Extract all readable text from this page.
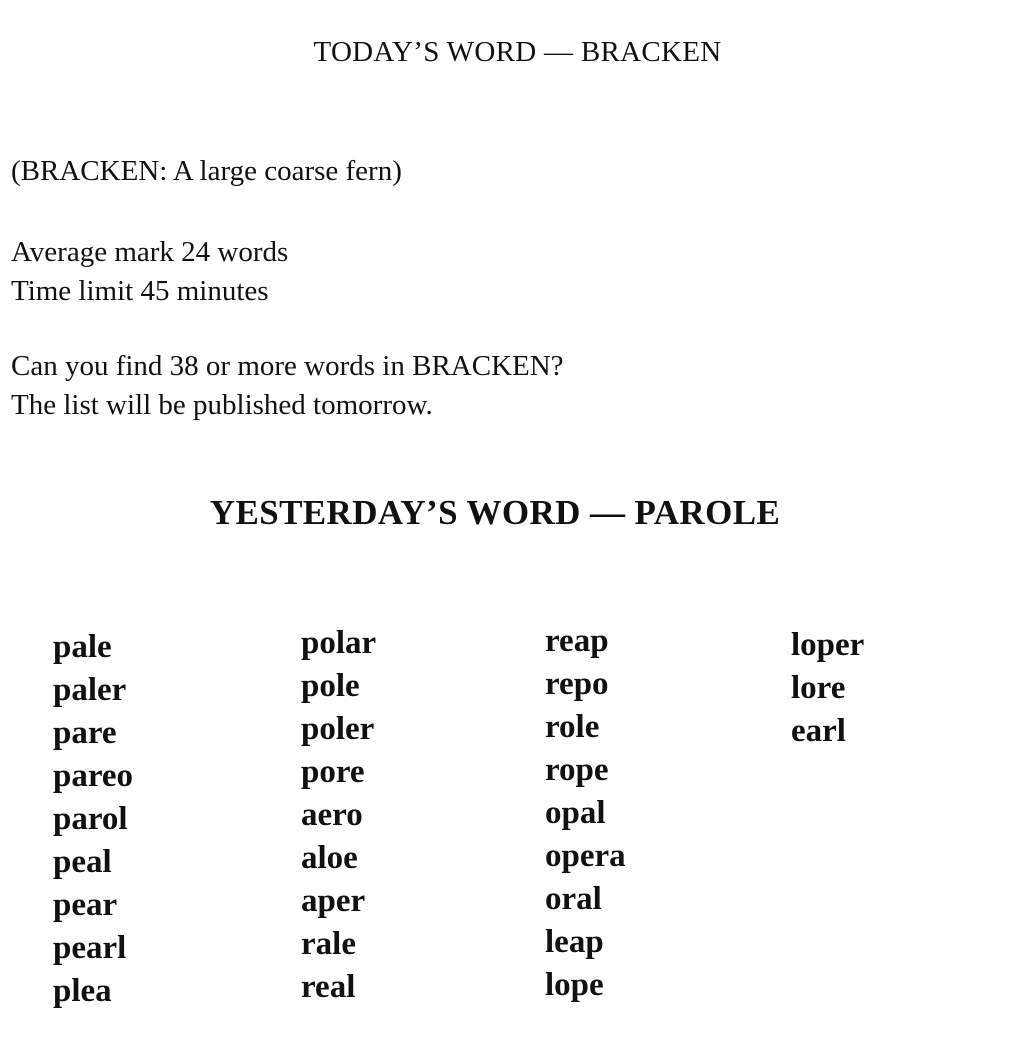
TODAY’S WORD — BRACKEN

(BRACKEN: A large coarse fern)

Average mark 24 words

Time limit 45 minutes

Can you find 38 or more words in BRACKEN?

The list will be published tomorrow.

YESTERDAY’S WORD — PAROLE
pale
paler
pare
pareo
parol
peal
pear
pearl
plea
polar
pole
poler
pore
aero
aloe
aper
rale
real
reap
repo
role
rope
opal
opera
oral
leap
lope
loper
lore
earl
